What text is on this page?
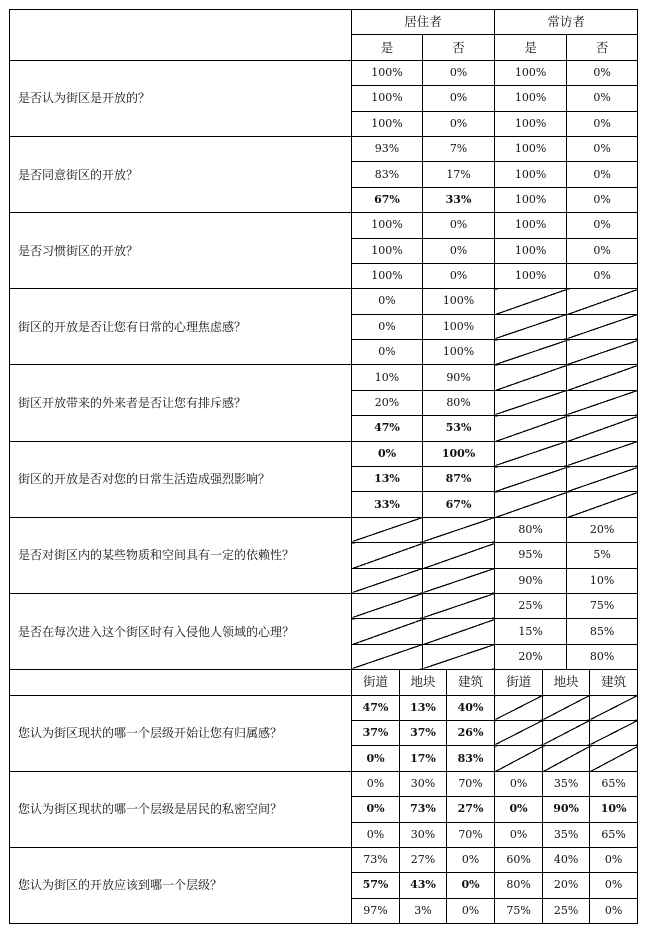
	居住者				常访者			
	是		否		是		否	
是否认为街区是开放的？	100%		0%		100%		0%	
	100%		0%		100%		0%	
	100%		0%		100%		0%	
是否同意街区的开放？	93%		7%		100%		0%	
	83%		17%		100%		0%	
	67%		33%		100%		0%	
是否习惯街区的开放？	100%		0%		100%		0%	
	100%		0%		100%		0%	
	100%		0%		100%		0%	
街区的开放是否让您有日常的心理焦虑感？	0%		100%					
	0%		100%					
	0%		100%					
街区开放带来的外来者是否让您有排斥感？	10%		90%					
	20%		80%					
	47%		53%					
街区的开放是否对您的日常生活造成强烈影响？	0%		100%					
	13%		87%					
	33%		67%					
是否对街区内的某些物质和空间具有一定的依赖性？					80%		20%	
					95%		5%	
					90%		10%	
是否在每次进入这个街区时有入侵他人领域的心理？					25%		75%	
					15%		85%	
					20%		80%	
	街道	地块		建筑	街道	地块		建筑
您认为街区现状的哪一个层级开始让您有归属感？	47%	13%		40%				
	37%	37%		26%				
	0%	17%		83%				
您认为街区现状的哪一个层级是居民的私密空间？	0%	30%		70%	0%	35%		65%
	0%	73%		27%	0%	90%		10%
	0%	30%		70%	0%	35%		65%
您认为街区的开放应该到哪一个层级？	73%	27%		0%	60%	40%		0%
	57%	43%		0%	80%	20%		0%
	97%	3%		0%	75%	25%		0%
